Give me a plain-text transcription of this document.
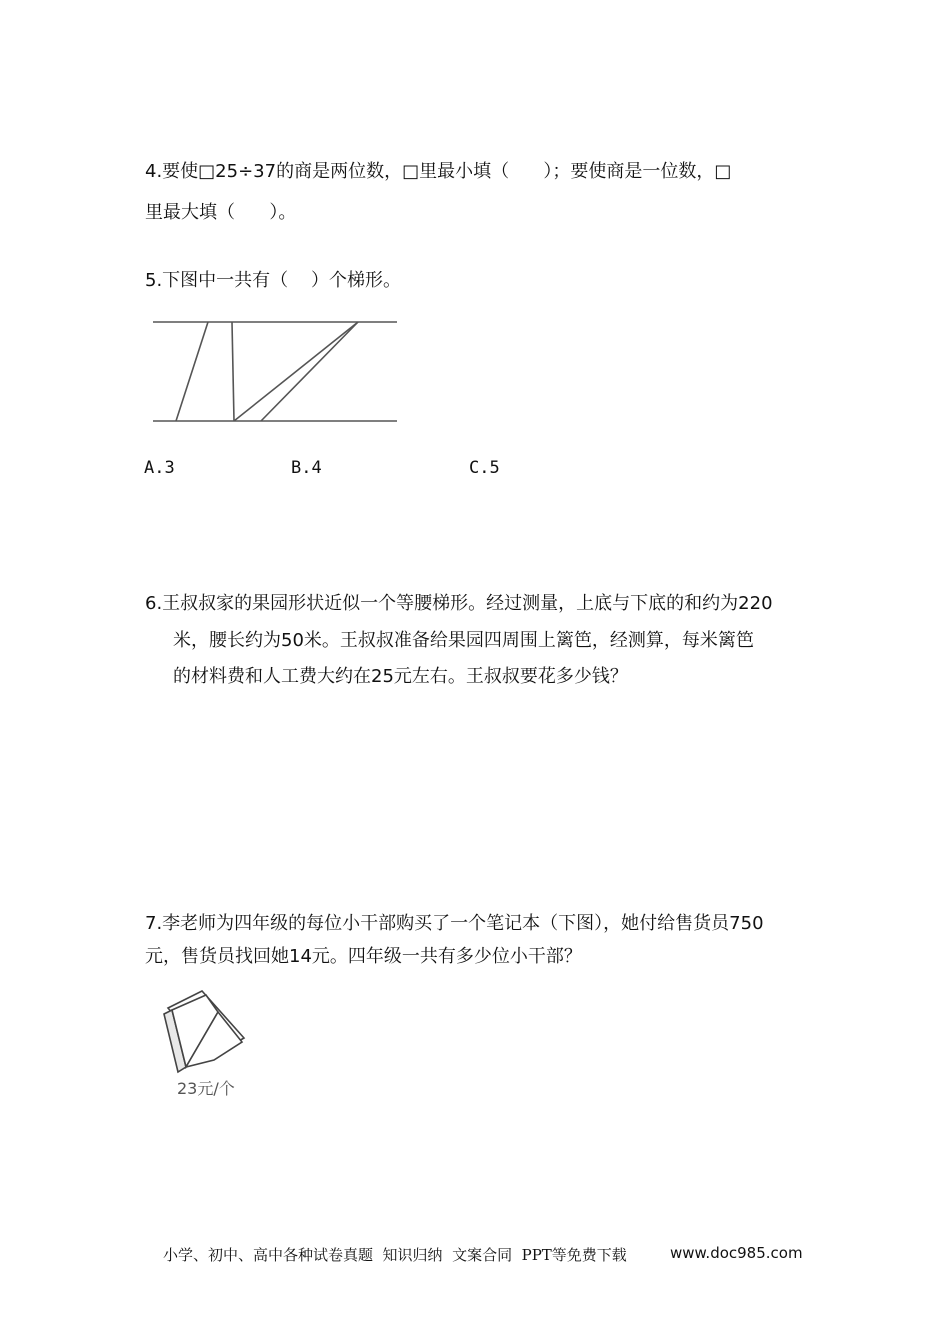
4.要使□25÷37的商是两位数，□里最小填（      ）；要使商是一位数，□
里最大填（      ）。
5.下图中一共有（    ）个梯形。
A.3	B.4	C.5
6.王叔叔家的果园形状近似一个等腰梯形。经过测量，上底与下底的和约为220
米，腰长约为50米。王叔叔准备给果园四周围上篱笆，经测算，每米篱笆
的材料费和人工费大约在25元左右。王叔叔要花多少钱？
7.李老师为四年级的每位小干部购买了一个笔记本（下图），她付给售货员750
元，售货员找回她14元。四年级一共有多少位小干部？
23元/个
小学、初中、高中各种试卷真题  知识归纳  文案合同  PPT等免费下载	www.doc985.com
